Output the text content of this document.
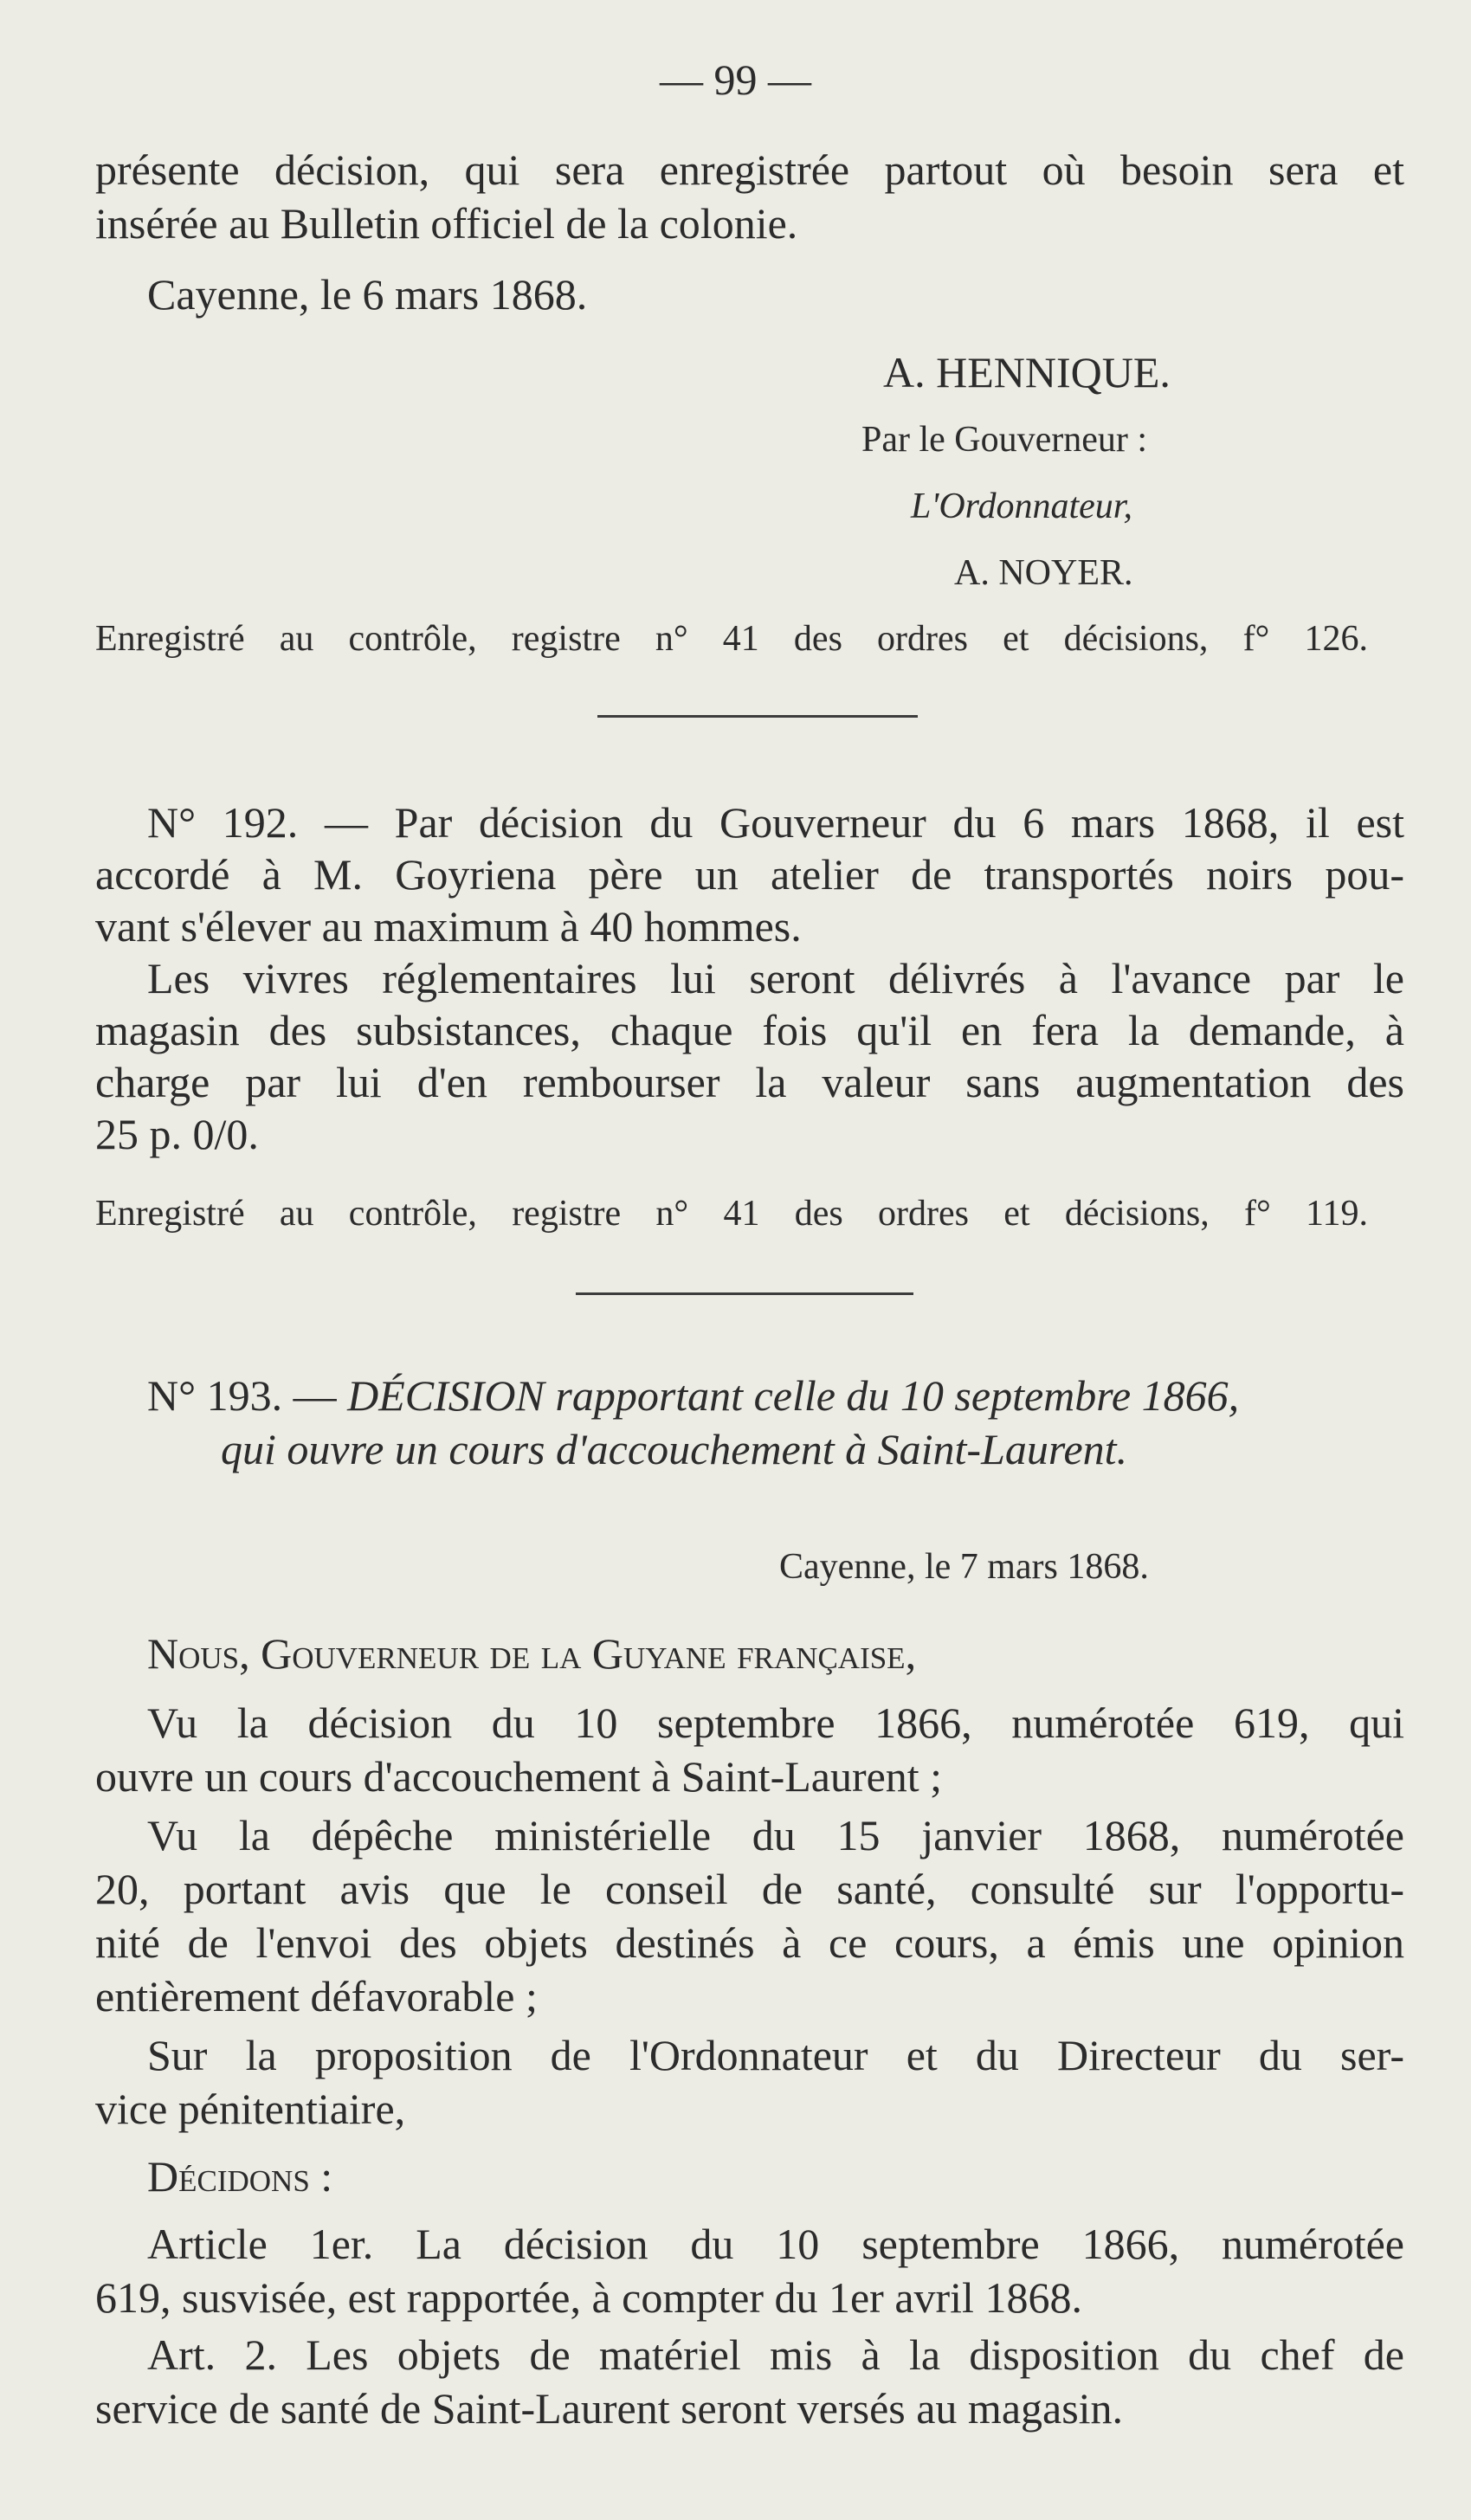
— 99 —
présente décision, qui sera enregistrée partout où besoin sera et
insérée au Bulletin officiel de la colonie.
Cayenne, le 6 mars 1868.
A. HENNIQUE.
Par le Gouverneur :
L'Ordonnateur,
A. NOYER.
Enregistré au contrôle, registre n° 41 des ordres et décisions, f° 126.
N° 192. — Par décision du Gouverneur du 6 mars 1868, il est
accordé à M. Goyriena père un atelier de transportés noirs pou-
vant s'élever au maximum à 40 hommes.
Les vivres réglementaires lui seront délivrés à l'avance par le
magasin des subsistances, chaque fois qu'il en fera la demande, à
charge par lui d'en rembourser la valeur sans augmentation des
25 p. 0/0.
Enregistré au contrôle, registre n° 41 des ordres et décisions, f° 119.
N° 193. — DÉCISION rapportant celle du 10 septembre 1866,
qui ouvre un cours d'accouchement à Saint-Laurent.
Cayenne, le 7 mars 1868.
Nous, Gouverneur de la Guyane française,
Vu la décision du 10 septembre 1866, numérotée 619, qui
ouvre un cours d'accouchement à Saint-Laurent ;
Vu la dépêche ministérielle du 15 janvier 1868, numérotée
20, portant avis que le conseil de santé, consulté sur l'opportu-
nité de l'envoi des objets destinés à ce cours, a émis une opinion
entièrement défavorable ;
Sur la proposition de l'Ordonnateur et du Directeur du ser-
vice pénitentiaire,
Décidons :
Article 1er. La décision du 10 septembre 1866, numérotée
619, susvisée, est rapportée, à compter du 1er avril 1868.
Art. 2. Les objets de matériel mis à la disposition du chef de
service de santé de Saint-Laurent seront versés au magasin.
